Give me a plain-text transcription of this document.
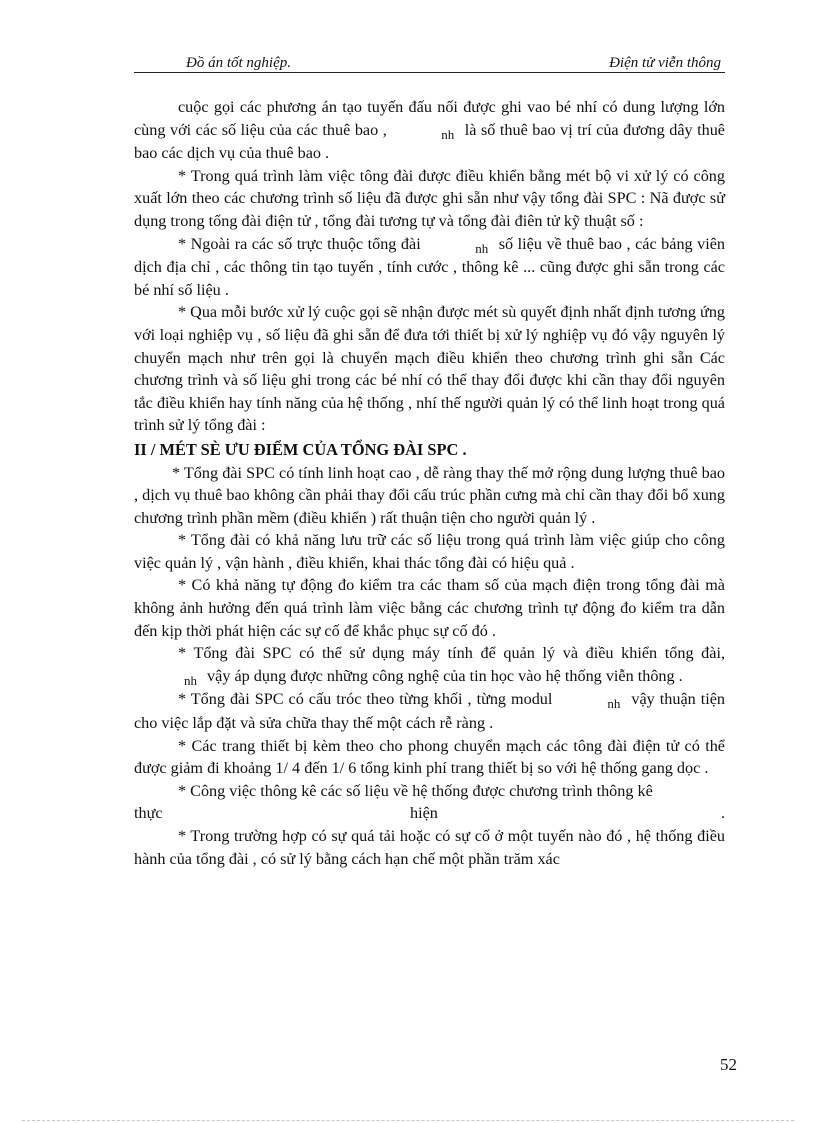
Đồ án tốt nghiệp.	Điện tử viễn thông

cuộc gọi các phương án tạo tuyến đấu nối được ghi vao bé nhí có dung lượng lớn cùng với các số liệu của các thuê bao ,	nh là số thuê bao vị trí của đương dây thuê bao các dịch vụ của thuê bao .

* Trong quá trình làm việc tông đài được điều khiển bằng mét bộ vi xử lý có công xuất lớn theo các chương trình số liệu đã được ghi sẵn như vậy tổng đài SPC : Nã được sử dụng trong tổng đài điện tử , tổng đài tương tự và tổng đài điên tử kỹ thuật số :

* Ngoài ra các số trực thuộc tổng đài	nh số liệu về thuê bao , các bảng viên dịch địa chỉ , các thông tin tạo tuyến , tính cước , thông kê ... cũng được ghi sẵn trong các bé nhí số liệu .

* Qua mỗi bước xử lý cuộc gọi sẽ nhận được mét sù quyết định nhất định tương ứng với loại nghiệp vụ , số liệu đã ghi sẵn để đưa tới thiết bị xử lý nghiệp vụ đó vậy nguyên lý chuyển mạch như trên gọi là chuyển mạch điều khiển theo chương trình ghi sẵn Các chương trình và số liệu ghi trong các bé nhí có thể thay đổi được khi cần thay đổi nguyên tắc điều khiển hay tính năng của hệ thống , nhí thế người quản lý có thể linh hoạt trong quá trình sử lý tổng đài :

II / MÉT SÈ ƯU ĐIỂM CỦA TỔNG ĐÀI SPC .

* Tổng đài SPC có tính linh hoạt cao , dễ ràng thay thế mở rộng dung lượng thuê bao , dịch vụ thuê bao không cần phải thay đổi cấu trúc phần cưng mà chỉ cần thay đổi bổ xung chương trình phần mềm (điều khiển ) rất thuận tiện cho người quản lý .

* Tổng đài có khả năng lưu trữ các số liệu trong quá trình làm việc giúp cho công việc quản lý , vận hành , điều khiển, khai thác tổng đài có hiệu quả .

* Có khả năng tự động đo kiểm tra các tham số của mạch điện trong tổng đài mà không ảnh hưởng đến quá trình làm việc bằng các chương trình tự động đo kiểm tra dẫn đến kịp thời phát hiện các sự cố để khắc phục sự cố đó .

* Tổng đài SPC có thể sử dụng máy tính để quản lý và điều khiển tổng đài, nh vậy áp dụng được những công nghệ của tin học vào hệ thống viễn thông .

* Tổng đài SPC có cấu tróc theo từng khối , từng modul	nh vậy thuận tiện cho việc lắp đặt và sửa chữa thay thế một cách rễ ràng .

* Các trang thiết bị kèm theo cho phong chuyển mạch các tông đài điện tử có thể được giảm đi khoảng 1/ 4 đến 1/ 6 tổng kinh phí trang thiết bị so với hệ thống gang dọc .

* Công việc thông kê các số liệu về hệ thống được chương trình thông kê

thực	hiện	.

* Trong trường hợp có sự quá tải hoặc có sự cố ở một tuyến nào đó , hệ thống điều hành của tổng đài , có sử lý bằng cách hạn chế một phần trăm xác

52
